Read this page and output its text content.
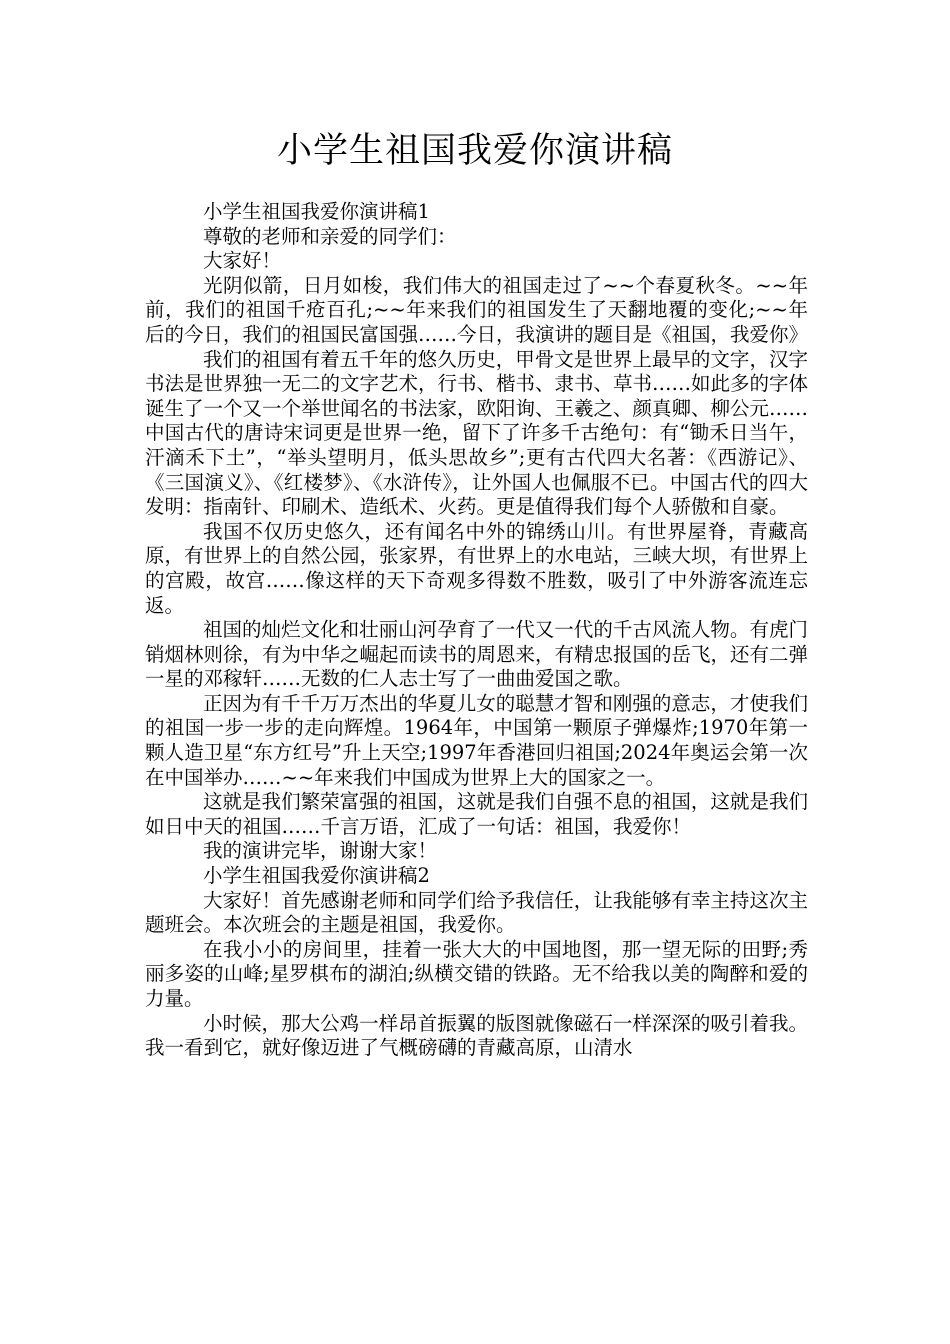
小学生祖国我爱你演讲稿

小学生祖国我爱你演讲稿1

尊敬的老师和亲爱的同学们：

大家好！

光阴似箭，日月如梭，我们伟大的祖国走过了~~个春夏秋冬。~~年前，我们的祖国千疮百孔;~~年来我们的祖国发生了天翻地覆的变化;~~年后的今日，我们的祖国民富国强……今日，我演讲的题目是《祖国，我爱你》

我们的祖国有着五千年的悠久历史，甲骨文是世界上最早的文字，汉字书法是世界独一无二的文字艺术，行书、楷书、隶书、草书……如此多的字体诞生了一个又一个举世闻名的书法家，欧阳询、王羲之、颜真卿、柳公元……中国古代的唐诗宋词更是世界一绝，留下了许多千古绝句：有“锄禾日当午，汗滴禾下土”，“举头望明月，低头思故乡”;更有古代四大名著：《西游记》、《三国演义》、《红楼梦》、《水浒传》，让外国人也佩服不已。中国古代的四大发明：指南针、印刷术、造纸术、火药。更是值得我们每个人骄傲和自豪。

我国不仅历史悠久，还有闻名中外的锦绣山川。有世界屋脊，青藏高原，有世界上的自然公园，张家界，有世界上的水电站，三峡大坝，有世界上的宫殿，故宫……像这样的天下奇观多得数不胜数，吸引了中外游客流连忘返。

祖国的灿烂文化和壮丽山河孕育了一代又一代的千古风流人物。有虎门销烟林则徐，有为中华之崛起而读书的周恩来，有精忠报国的岳飞，还有二弹一星的邓稼轩……无数的仁人志士写了一曲曲爱国之歌。

正因为有千千万万杰出的华夏儿女的聪慧才智和刚强的意志，才使我们的祖国一步一步的走向辉煌。1964年，中国第一颗原子弹爆炸;1970年第一颗人造卫星“东方红号”升上天空;1997年香港回归祖国;2024年奥运会第一次在中国举办……~~年来我们中国成为世界上大的国家之一。

这就是我们繁荣富强的祖国，这就是我们自强不息的祖国，这就是我们如日中天的祖国……千言万语，汇成了一句话：祖国，我爱你！

我的演讲完毕，谢谢大家！

小学生祖国我爱你演讲稿2

大家好！首先感谢老师和同学们给予我信任，让我能够有幸主持这次主题班会。本次班会的主题是祖国，我爱你。

在我小小的房间里，挂着一张大大的中国地图，那一望无际的田野;秀丽多姿的山峰;星罗棋布的湖泊;纵横交错的铁路。无不给我以美的陶醉和爱的力量。

小时候，那大公鸡一样昂首振翼的版图就像磁石一样深深的吸引着我。我一看到它，就好像迈进了气概磅礴的青藏高原，山清水
